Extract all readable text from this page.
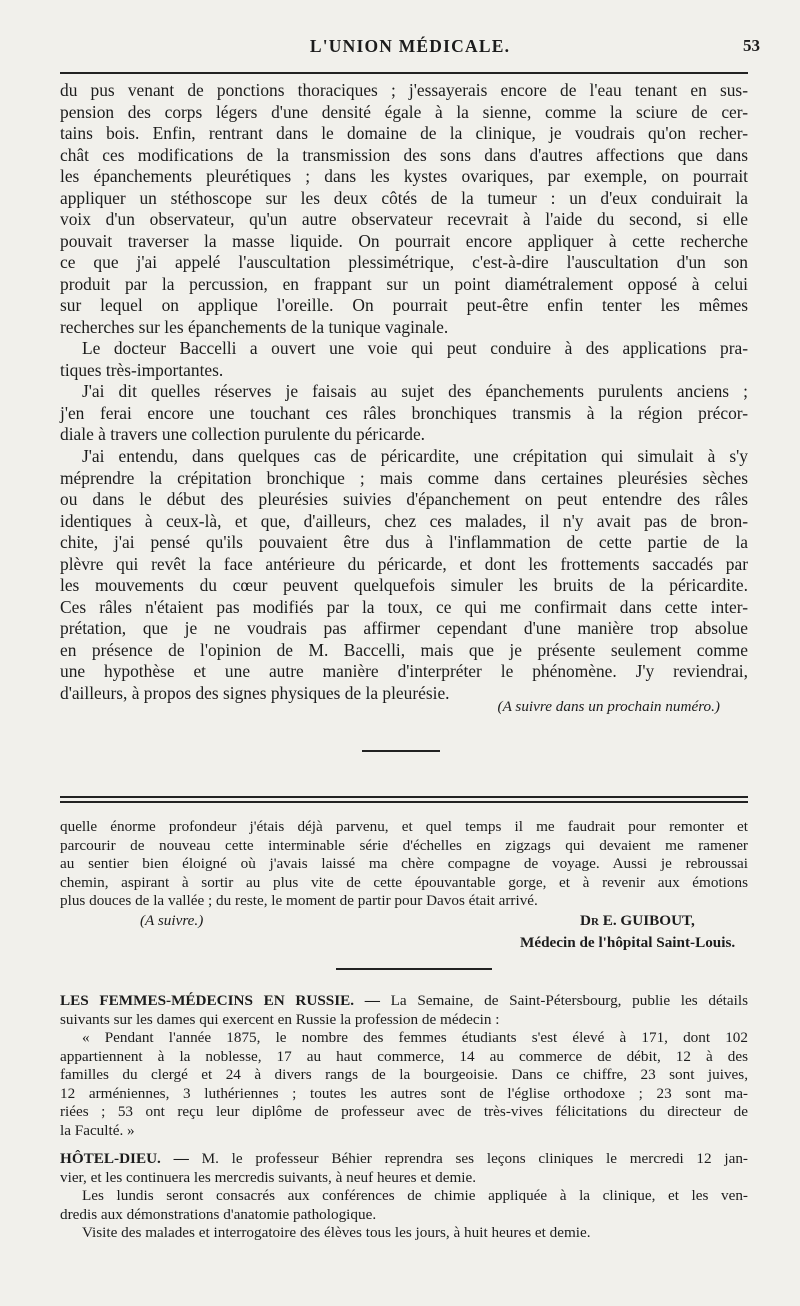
L'UNION MÉDICALE.	53
du pus venant de ponctions thoraciques ; j'essayerais encore de l'eau tenant en sus-
pension des corps légers d'une densité égale à la sienne, comme la sciure de cer-
tains bois. Enfin, rentrant dans le domaine de la clinique, je voudrais qu'on recher-
chât ces modifications de la transmission des sons dans d'autres affections que dans
les épanchements pleurétiques ; dans les kystes ovariques, par exemple, on pourrait
appliquer un stéthoscope sur les deux côtés de la tumeur : un d'eux conduirait la
voix d'un observateur, qu'un autre observateur recevrait à l'aide du second, si elle
pouvait traverser la masse liquide. On pourrait encore appliquer à cette recherche
ce que j'ai appelé l'auscultation plessimétrique, c'est-à-dire l'auscultation d'un son
produit par la percussion, en frappant sur un point diamétralement opposé à celui
sur lequel on applique l'oreille. On pourrait peut-être enfin tenter les mêmes
recherches sur les épanchements de la tunique vaginale.
Le docteur Baccelli a ouvert une voie qui peut conduire à des applications pra-
tiques très-importantes.
J'ai dit quelles réserves je faisais au sujet des épanchements purulents anciens ;
j'en ferai encore une touchant ces râles bronchiques transmis à la région précor-
diale à travers une collection purulente du péricarde.
J'ai entendu, dans quelques cas de péricardite, une crépitation qui simulait à s'y
méprendre la crépitation bronchique ; mais comme dans certaines pleurésies sèches
ou dans le début des pleurésies suivies d'épanchement on peut entendre des râles
identiques à ceux-là, et que, d'ailleurs, chez ces malades, il n'y avait pas de bron-
chite, j'ai pensé qu'ils pouvaient être dus à l'inflammation de cette partie de la
plèvre qui revêt la face antérieure du péricarde, et dont les frottements saccadés par
les mouvements du cœur peuvent quelquefois simuler les bruits de la péricardite.
Ces râles n'étaient pas modifiés par la toux, ce qui me confirmait dans cette inter-
prétation, que je ne voudrais pas affirmer cependant d'une manière trop absolue
en présence de l'opinion de M. Baccelli, mais que je présente seulement comme
une hypothèse et une autre manière d'interpréter le phénomène. J'y reviendrai,
d'ailleurs, à propos des signes physiques de la pleurésie.
(A suivre dans un prochain numéro.)
quelle énorme profondeur j'étais déjà parvenu, et quel temps il me faudrait pour remonter et
parcourir de nouveau cette interminable série d'échelles en zigzags qui devaient me ramener
au sentier bien éloigné où j'avais laissé ma chère compagne de voyage. Aussi je rebroussai
chemin, aspirant à sortir au plus vite de cette épouvantable gorge, et à revenir aux émotions
plus douces de la vallée ; du reste, le moment de partir pour Davos était arrivé.
(A suivre.)	Dr E. GUIBOUT,
Médecin de l'hôpital Saint-Louis.
LES FEMMES-MÉDECINS EN RUSSIE. — La Semaine, de Saint-Pétersbourg, publie les détails
suivants sur les dames qui exercent en Russie la profession de médecin :
« Pendant l'année 1875, le nombre des femmes étudiants s'est élevé à 171, dont 102
appartiennent à la noblesse, 17 au haut commerce, 14 au commerce de débit, 12 à des
familles du clergé et 24 à divers rangs de la bourgeoisie. Dans ce chiffre, 23 sont juives,
12 arméniennes, 3 luthériennes ; toutes les autres sont de l'église orthodoxe ; 23 sont ma-
riées ; 53 ont reçu leur diplôme de professeur avec de très-vives félicitations du directeur de
la Faculté. »
HÔTEL-DIEU. — M. le professeur Béhier reprendra ses leçons cliniques le mercredi 12 jan-
vier, et les continuera les mercredis suivants, à neuf heures et demie.
Les lundis seront consacrés aux conférences de chimie appliquée à la clinique, et les ven-
dredis aux démonstrations d'anatomie pathologique.
Visite des malades et interrogatoire des élèves tous les jours, à huit heures et demie.
